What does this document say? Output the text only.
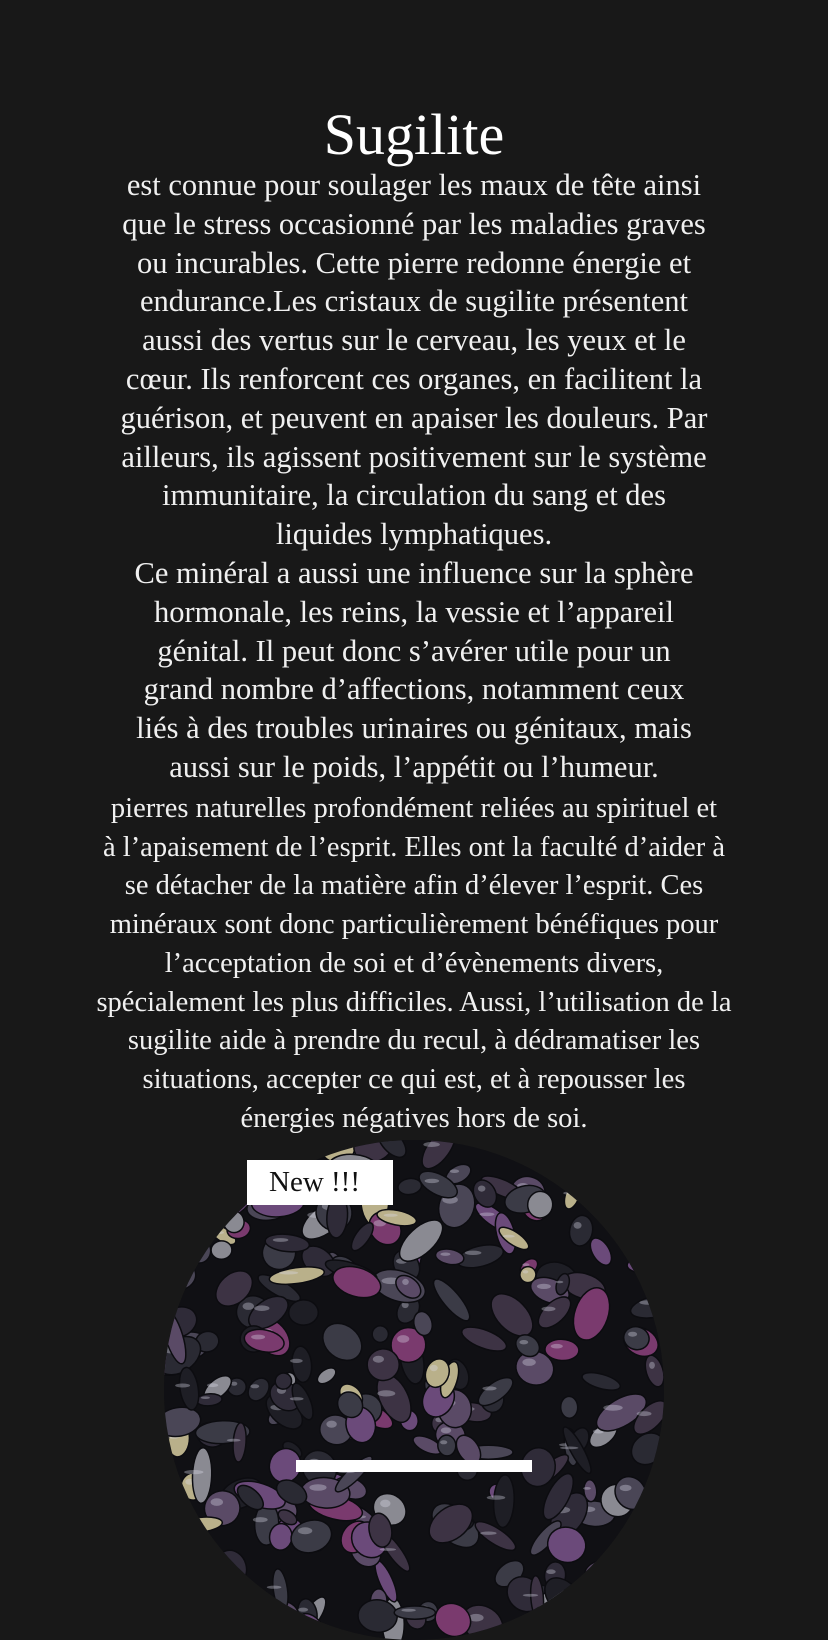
Sugilite
est connue pour soulager les maux de tête ainsi
que le stress occasionné par les maladies graves
ou incurables. Cette pierre redonne énergie et
endurance.Les cristaux de sugilite présentent
aussi des vertus sur le cerveau, les yeux et le
cœur. Ils renforcent ces organes, en facilitent la
guérison, et peuvent en apaiser les douleurs. Par
ailleurs, ils agissent positivement sur le système
immunitaire, la circulation du sang et des
liquides lymphatiques.
Ce minéral a aussi une influence sur la sphère
hormonale, les reins, la vessie et l’appareil
génital. Il peut donc s’avérer utile pour un
grand nombre d’affections, notamment ceux
liés à des troubles urinaires ou génitaux, mais
aussi sur le poids, l’appétit ou l’humeur.
pierres naturelles profondément reliées au spirituel et
à l’apaisement de l’esprit. Elles ont la faculté d’aider à
se détacher de la matière afin d’élever l’esprit. Ces
minéraux sont donc particulièrement bénéfiques pour
l’acceptation de soi et d’évènements divers,
spécialement les plus difficiles. Aussi, l’utilisation de la
sugilite aide à prendre du recul, à dédramatiser les
situations, accepter ce qui est, et à repousser les
énergies négatives hors de soi.
New !!!
